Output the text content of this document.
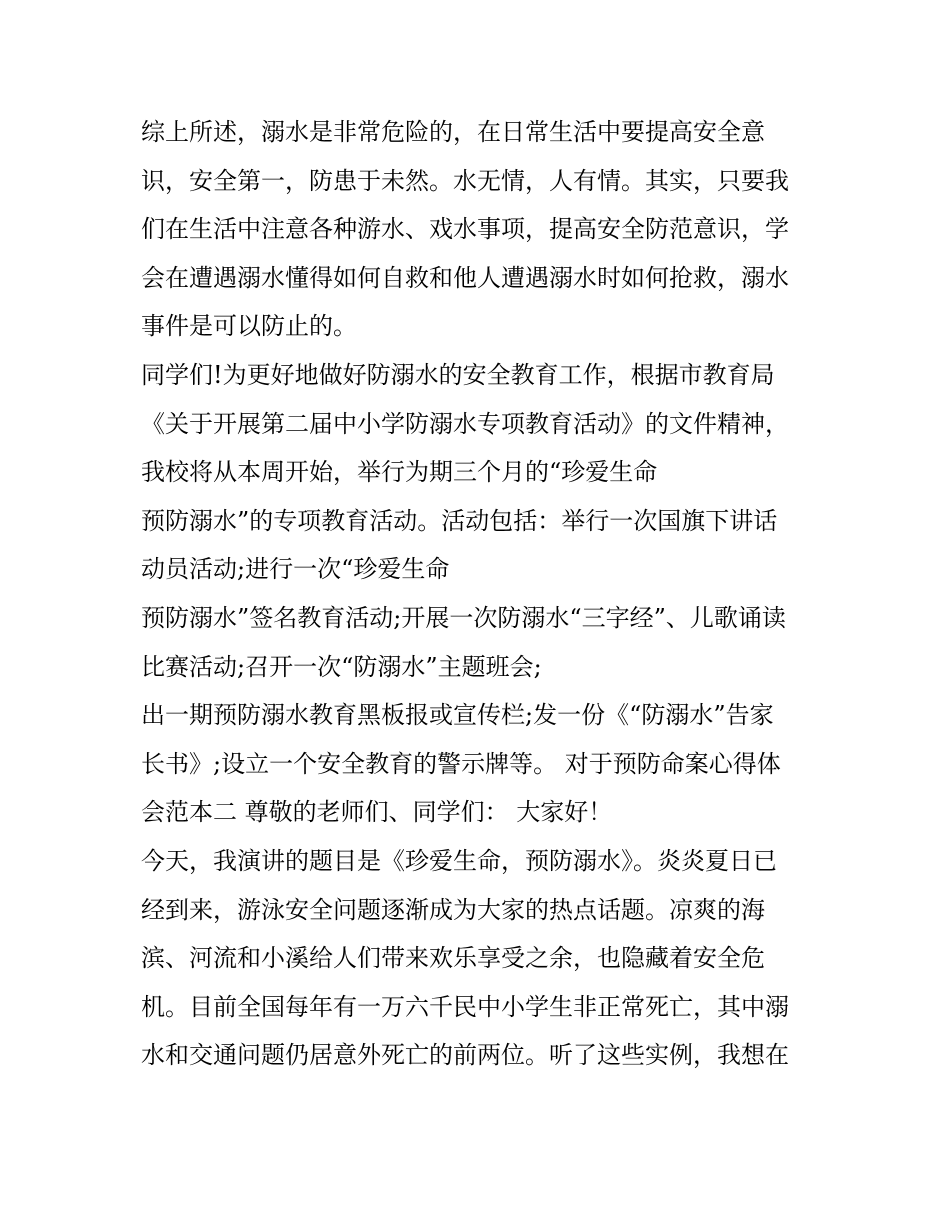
综上所述，溺水是非常危险的，在日常生活中要提高安全意
识，安全第一，防患于未然。水无情，人有情。其实，只要我
们在生活中注意各种游水、戏水事项，提高安全防范意识，学
会在遭遇溺水懂得如何自救和他人遭遇溺水时如何抢救，溺水
事件是可以防止的。
同学们!为更好地做好防溺水的安全教育工作，根据市教育局
《关于开展第二届中小学防溺水专项教育活动》的文件精神，
我校将从本周开始，举行为期三个月的“珍爱生命
预防溺水”的专项教育活动。活动包括：举行一次国旗下讲话
动员活动;进行一次“珍爱生命
预防溺水”签名教育活动;开展一次防溺水“三字经”、儿歌诵读
比赛活动;召开一次“防溺水”主题班会;
出一期预防溺水教育黑板报或宣传栏;发一份《“防溺水”告家
长书》;设立一个安全教育的警示牌等。 对于预防命案心得体
会范本二 尊敬的老师们、同学们： 大家好！
今天，我演讲的题目是《珍爱生命，预防溺水》。炎炎夏日已
经到来，游泳安全问题逐渐成为大家的热点话题。凉爽的海
滨、河流和小溪给人们带来欢乐享受之余，也隐藏着安全危
机。目前全国每年有一万六千民中小学生非正常死亡，其中溺
水和交通问题仍居意外死亡的前两位。听了这些实例，我想在
